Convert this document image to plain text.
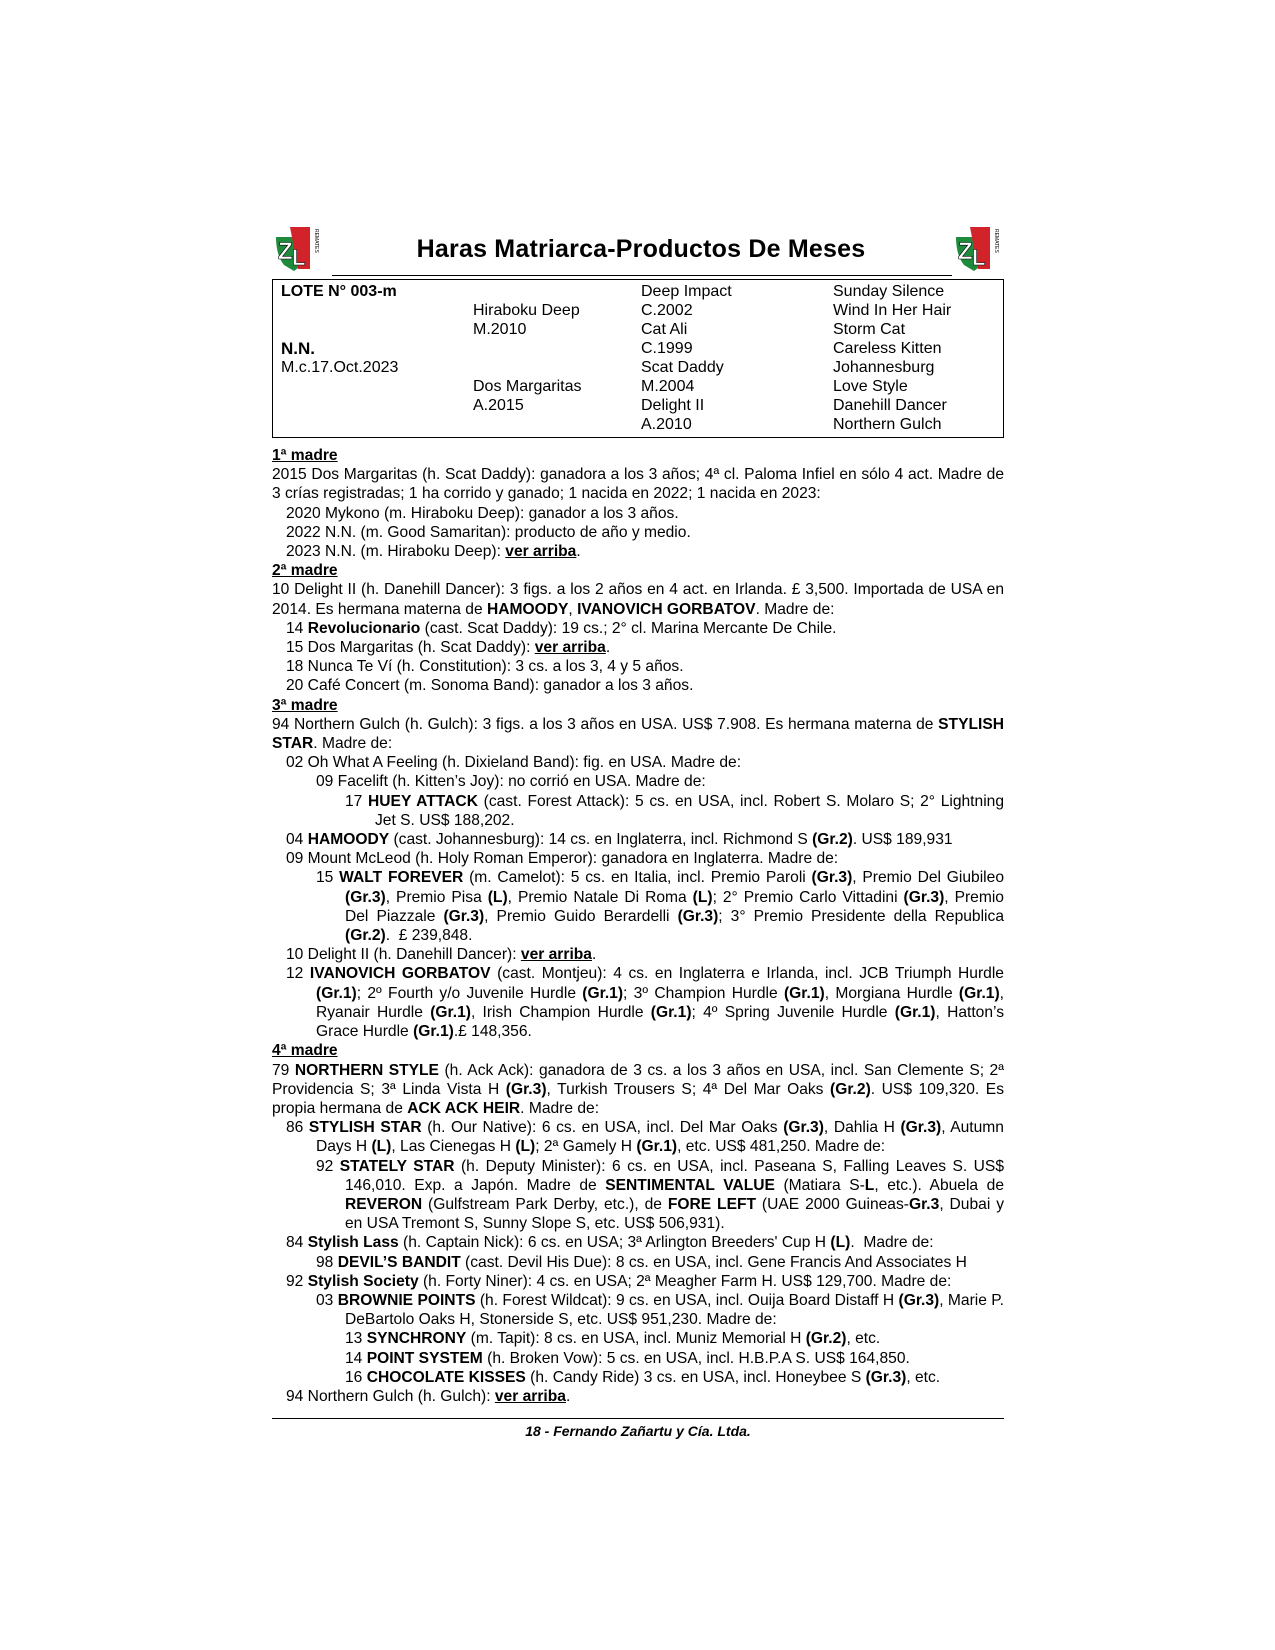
Z L
REMATES	Haras Matriarca-Productos De Meses	Z L
REMATES
LOTE N° 003-m
N.N.
M.c.17.Oct.2023
Hiraboku Deep
M.2010
Dos Margaritas
A.2015
Deep Impact
C.2002
Cat Ali
C.1999
Scat Daddy
M.2004
Delight II
A.2010
Sunday Silence
Wind In Her Hair
Storm Cat
Careless Kitten
Johannesburg
Love Style
Danehill Dancer
Northern Gulch
1ª madre
2015 Dos Margaritas (h. Scat Daddy): ganadora a los 3 años; 4ª cl. Paloma Infiel en sólo 4 act. Madre de 3 crías registradas; 1 ha corrido y ganado; 1 nacida en 2022; 1 nacida en 2023:
2020 Mykono (m. Hiraboku Deep): ganador a los 3 años.
2022 N.N. (m. Good Samaritan): producto de año y medio.
2023 N.N. (m. Hiraboku Deep): ver arriba.
2ª madre
10 Delight II (h. Danehill Dancer): 3 figs. a los 2 años en 4 act. en Irlanda. £ 3,500. Importada de USA en 2014. Es hermana materna de HAMOODY, IVANOVICH GORBATOV. Madre de:
14 Revolucionario (cast. Scat Daddy): 19 cs.; 2° cl. Marina Mercante De Chile.
15 Dos Margaritas (h. Scat Daddy): ver arriba.
18 Nunca Te Ví (h. Constitution): 3 cs. a los 3, 4 y 5 años.
20 Café Concert (m. Sonoma Band): ganador a los 3 años.
3ª madre
94 Northern Gulch (h. Gulch): 3 figs. a los 3 años en USA. US$ 7.908. Es hermana materna de STYLISH STAR. Madre de:
02 Oh What A Feeling (h. Dixieland Band): fig. en USA. Madre de:
09 Facelift (h. Kitten’s Joy): no corrió en USA. Madre de:
17 HUEY ATTACK (cast. Forest Attack): 5 cs. en USA, incl. Robert S. Molaro S; 2° Lightning Jet S. US$ 188,202.
04 HAMOODY (cast. Johannesburg): 14 cs. en Inglaterra, incl. Richmond S (Gr.2). US$ 189,931
09 Mount McLeod (h. Holy Roman Emperor): ganadora en Inglaterra. Madre de:
15 WALT FOREVER (m. Camelot): 5 cs. en Italia, incl. Premio Paroli (Gr.3), Premio Del Giubileo (Gr.3), Premio Pisa (L), Premio Natale Di Roma (L); 2° Premio Carlo Vittadini (Gr.3), Premio Del Piazzale (Gr.3), Premio Guido Berardelli (Gr.3); 3° Premio Presidente della Republica (Gr.2).  £ 239,848.
10 Delight II (h. Danehill Dancer): ver arriba.
12 IVANOVICH GORBATOV (cast. Montjeu): 4 cs. en Inglaterra e Irlanda, incl. JCB Triumph Hurdle (Gr.1); 2º Fourth y/o Juvenile Hurdle (Gr.1); 3º Champion Hurdle (Gr.1), Morgiana Hurdle (Gr.1), Ryanair Hurdle (Gr.1), Irish Champion Hurdle (Gr.1); 4º Spring Juvenile Hurdle (Gr.1), Hatton’s Grace Hurdle (Gr.1).£ 148,356.
4ª madre
79 NORTHERN STYLE (h. Ack Ack): ganadora de 3 cs. a los 3 años en USA, incl. San Clemente S; 2ª Providencia S; 3ª Linda Vista H (Gr.3), Turkish Trousers S; 4ª Del Mar Oaks (Gr.2). US$ 109,320. Es propia hermana de ACK ACK HEIR. Madre de:
86 STYLISH STAR (h. Our Native): 6 cs. en USA, incl. Del Mar Oaks (Gr.3), Dahlia H (Gr.3), Autumn Days H (L), Las Cienegas H (L); 2ª Gamely H (Gr.1), etc. US$ 481,250. Madre de:
92 STATELY STAR (h. Deputy Minister): 6 cs. en USA, incl. Paseana S, Falling Leaves S. US$ 146,010. Exp. a Japón. Madre de SENTIMENTAL VALUE (Matiara S-L, etc.). Abuela de REVERON (Gulfstream Park Derby, etc.), de FORE LEFT (UAE 2000 Guineas-Gr.3, Dubai y en USA Tremont S, Sunny Slope S, etc. US$ 506,931).
84 Stylish Lass (h. Captain Nick): 6 cs. en USA; 3ª Arlington Breeders' Cup H (L).  Madre de:
98 DEVIL’S BANDIT (cast. Devil His Due): 8 cs. en USA, incl. Gene Francis And Associates H
92 Stylish Society (h. Forty Niner): 4 cs. en USA; 2ª Meagher Farm H. US$ 129,700. Madre de:
03 BROWNIE POINTS (h. Forest Wildcat): 9 cs. en USA, incl. Ouija Board Distaff H (Gr.3), Marie P. DeBartolo Oaks H, Stonerside S, etc. US$ 951,230. Madre de:
13 SYNCHRONY (m. Tapit): 8 cs. en USA, incl. Muniz Memorial H (Gr.2), etc.
14 POINT SYSTEM (h. Broken Vow): 5 cs. en USA, incl. H.B.P.A S. US$ 164,850.
16 CHOCOLATE KISSES (h. Candy Ride) 3 cs. en USA, incl. Honeybee S (Gr.3), etc.
94 Northern Gulch (h. Gulch): ver arriba.
18 - Fernando Zañartu y Cía. Ltda.
